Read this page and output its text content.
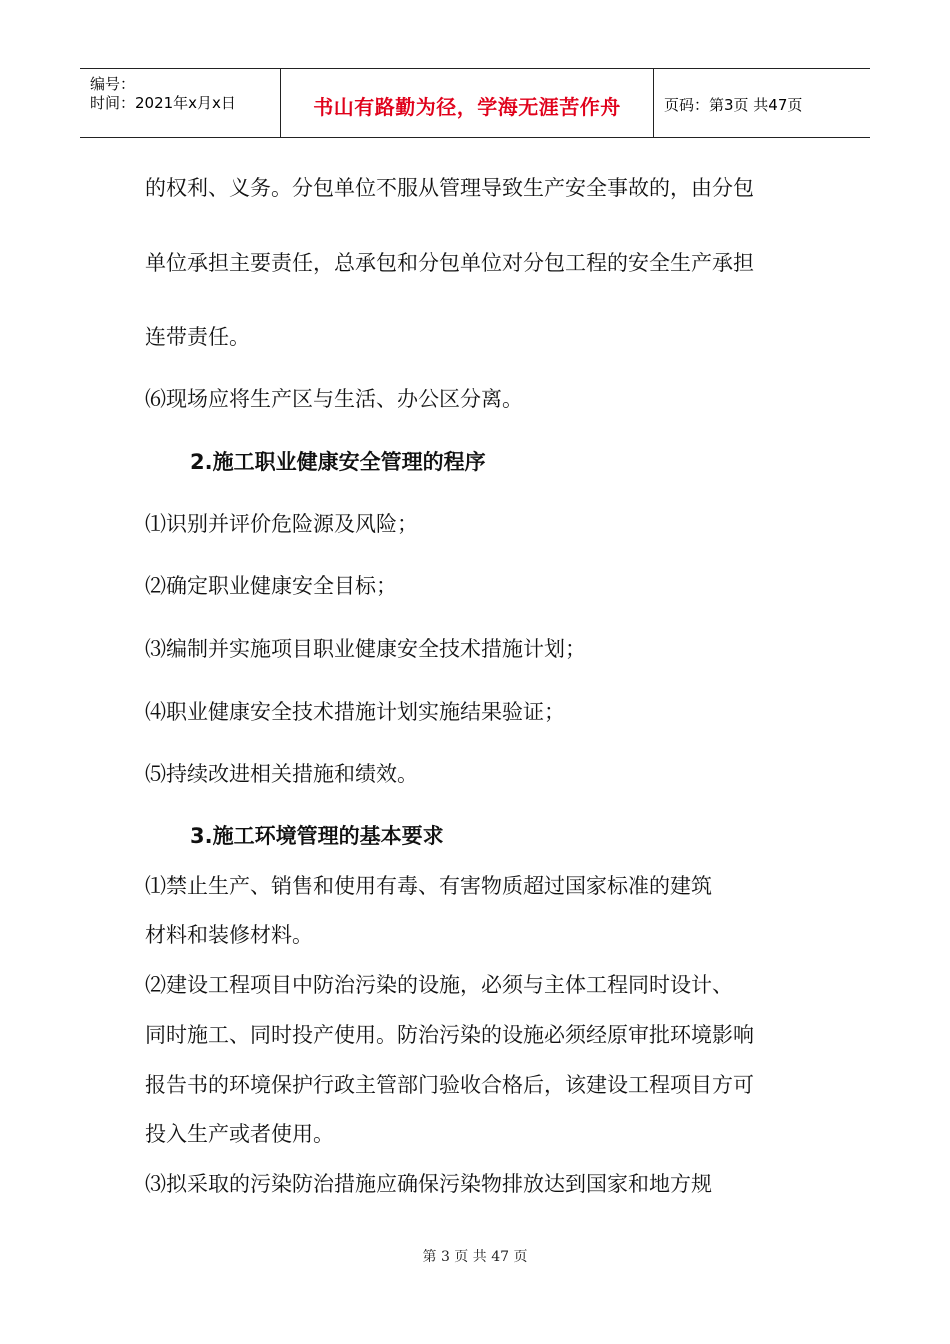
编号：
时间：2021年x月x日	书山有路勤为径，学海无涯苦作舟	页码：第3页 共47页
的权利、义务。分包单位不服从管理导致生产安全事故的，由分包
单位承担主要责任，总承包和分包单位对分包工程的安全生产承担
连带责任。
⑹现场应将生产区与生活、办公区分离。
2.施工职业健康安全管理的程序
⑴识别并评价危险源及风险；
⑵确定职业健康安全目标；
⑶编制并实施项目职业健康安全技术措施计划；
⑷职业健康安全技术措施计划实施结果验证；
⑸持续改进相关措施和绩效。
3.施工环境管理的基本要求
⑴禁止生产、销售和使用有毒、有害物质超过国家标准的建筑
材料和装修材料。
⑵建设工程项目中防治污染的设施，必须与主体工程同时设计、
同时施工、同时投产使用。防治污染的设施必须经原审批环境影响
报告书的环境保护行政主管部门验收合格后，该建设工程项目方可
投入生产或者使用。
⑶拟采取的污染防治措施应确保污染物排放达到国家和地方规
第 3 页 共 47 页
